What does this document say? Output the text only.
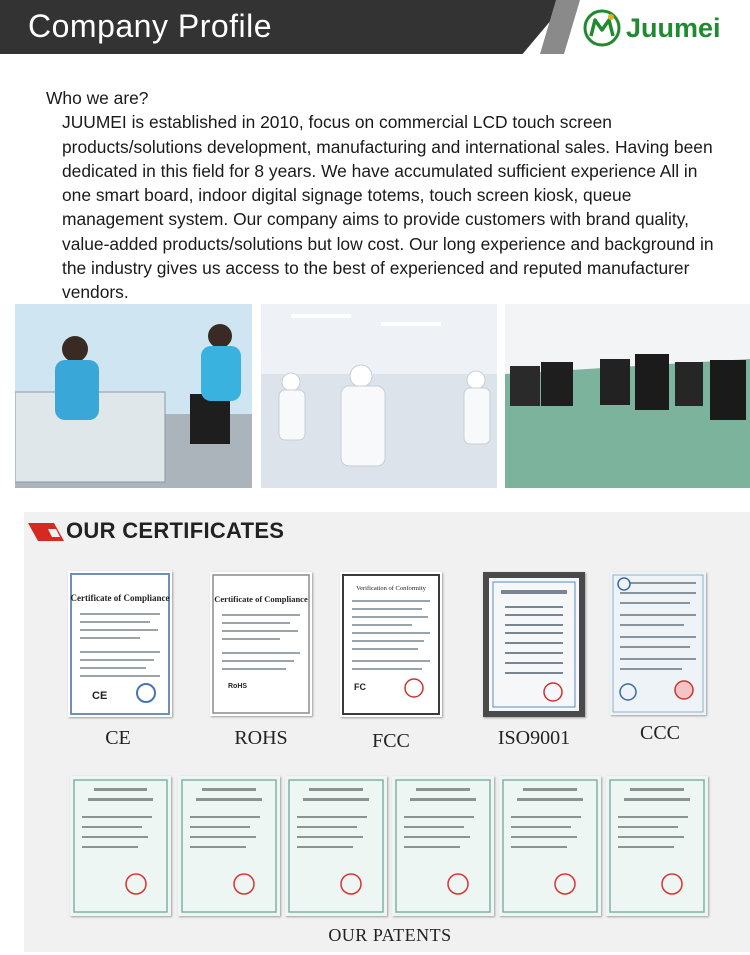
Company Profile	Juumei

Who we are?

JUUMEI is established in 2010, focus on commercial LCD touch screen products/solutions development, manufacturing and international sales. Having been dedicated in this field for 8 years. We have accumulated sufficient experience All in one smart board, indoor digital signage totems, touch screen kiosk, queue management system. Our company aims to provide customers with brand quality, value-added products/solutions but low cost. Our long experience and background in the industry gives us access to the best of experienced and reputed manufacturer vendors.

OUR CERTIFICATES
Certificate of Compliance
CE
CE
Certificate of Compliance
RoHS
ROHS
Verification of Conformity
FC
FCC	ISO9001	CCC
OUR PATENTS
